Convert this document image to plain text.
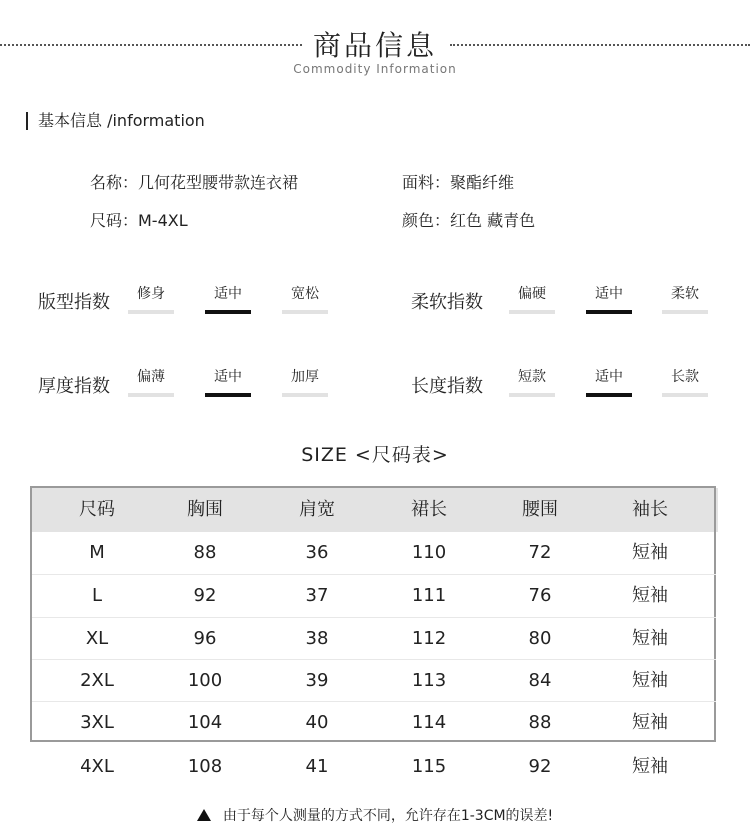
商品信息
Commodity Information
基本信息 /information
名称：几何花型腰带款连衣裙	面料：聚酯纤维
尺码：M-4XL	颜色：红色 藏青色
版型指数	修身	适中	宽松	柔软指数	偏硬	适中	柔软
厚度指数	偏薄	适中	加厚	长度指数	短款	适中	长款
SIZE <尺码表>
尺码	胸围	肩宽	裙长	腰围	袖长
M	88	36	110	72	短袖
L	92	37	111	76	短袖
XL	96	38	112	80	短袖
2XL	100	39	113	84	短袖
3XL	104	40	114	88	短袖
4XL	108	41	115	92	短袖
由于每个人测量的方式不同，允许存在1-3CM的误差!
